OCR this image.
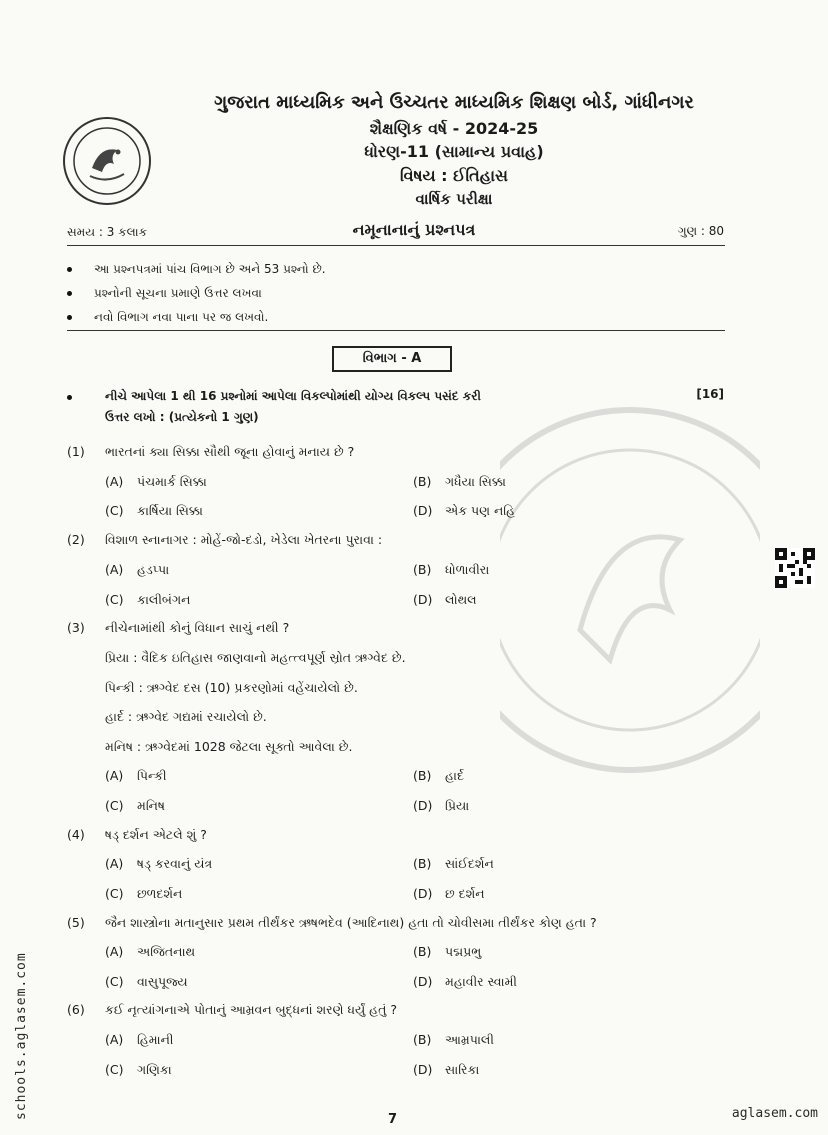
ગુજરાત માધ્યમિક અને ઉચ્ચતર માધ્યમિક શિક્ષણ બોર્ડ, ગાંધીનગર
શૈક્ષણિક વર્ષ - 2024-25
ધોરણ-11 (સામાન્ય પ્રવાહ)
વિષય : ઈતિહાસ
વાર્ષિક પરીક્ષા
સમય : 3 કલાક	નમૂનાનાનું પ્રશ્નપત્ર	ગુણ : 80
આ પ્રશ્નપત્રમાં પાંચ વિભાગ છે અને 53 પ્રશ્નો છે.
પ્રશ્નોની સૂચના પ્રમાણે ઉત્તર લખવા
નવો વિભાગ નવા પાના પર જ લખવો.
વિભાગ - A
નીચે આપેલા 1 થી 16 પ્રશ્નોમાં આપેલા વિકલ્પોમાંથી યોગ્ય વિકલ્પ પસંદ કરી
ઉત્તર લખો : (પ્રત્યેકનો 1 ગુણ)
[16]
(1) ભારતનાં ક્યા સિક્કા સૌથી જૂના હોવાનું મનાય છે ?
(A) પંચમાર્ક સિક્કા	(B) ગધૈયા સિક્કા
(C) કાર્ષિયા સિક્કા	(D) એક પણ નહિ
(2) વિશાળ સ્નાનાગર : મોહેં-જો-દડો, ખેડેલા ખેતરના પુરાવા :
(A) હડપ્પા	(B) ધોળાવીરા
(C) કાલીબંગન	(D) લોથલ
(3) નીચેનામાંથી કોનું વિધાન સાચું નથી ?
પ્રિયા : વૈદિક ઇતિહાસ જાણવાનો મહત્ત્વપૂર્ણ સ્રોત ઋગ્વેદ છે.
પિન્કી : ઋગ્વેદ દસ (10) પ્રકરણોમાં વહેંચાયેલો છે.
હાર્દ : ઋગ્વેદ ગદ્યમાં રચાયેલો છે.
મનિષ : ઋગ્વેદમાં 1028 જેટલા સૂક્તો આવેલા છે.
(A) પિન્કી	(B) હાર્દ
(C) મનિષ	(D) પ્રિયા
(4) ષડ્ દર્શન એટલે શું ?
(A) ષડ્ કરવાનું યંત્ર	(B) સાંઈદર્શન
(C) છળદર્શન	(D) છ દર્શન
(5) જૈન શાસ્ત્રોના મતાનુસાર પ્રથમ તીર્થંકર ઋષભદેવ (આદિનાથ) હતા તો ચોવીસમા તીર્થંકર કોણ હતા ?
(A) અજિતનાથ	(B) પદ્મપ્રભુ
(C) વાસુપૂજ્ય	(D) મહાવીર સ્વામી
(6) કઈ નૃત્યાંગનાએ પોતાનું આમ્રવન બુદ્ધનાં શરણે ધર્યું હતું ?
(A) હિમાની	(B) આમ્રપાલી
(C) ગણિકા	(D) સારિકા
schools.aglasem.com	7	aglasem.com
